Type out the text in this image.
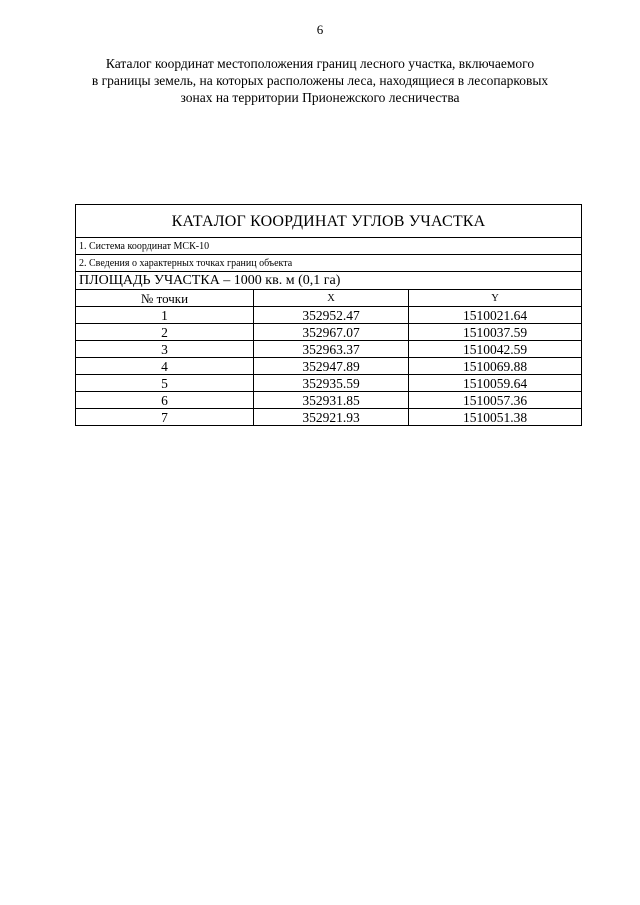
6
Каталог координат местоположения границ лесного участка, включаемого
в границы земель, на которых расположены леса, находящиеся в лесопарковых
зонах на территории Прионежского лесничества
КАТАЛОГ КООРДИНАТ УГЛОВ УЧАСТКА		
1. Система координат МСК-10		
2. Сведения о характерных точках границ объекта		
ПЛОЩАДЬ УЧАСТКА – 1000 кв. м (0,1 га)		
№ точки	X	Y
1	352952.47	1510021.64
2	352967.07	1510037.59
3	352963.37	1510042.59
4	352947.89	1510069.88
5	352935.59	1510059.64
6	352931.85	1510057.36
7	352921.93	1510051.38
